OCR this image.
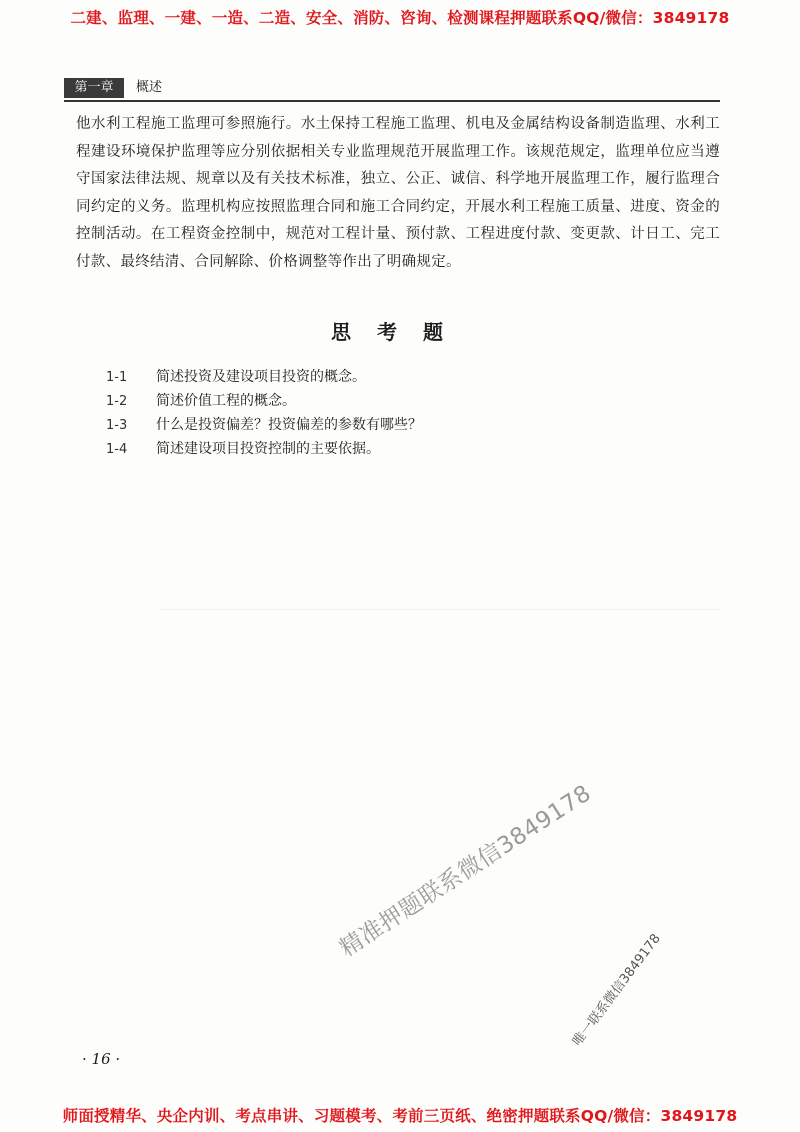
二建、监理、一建、一造、二造、安全、消防、咨询、检测课程押题联系QQ/微信：3849178
第一章	概述

他水利工程施工监理可参照施行。水土保持工程施工监理、机电及金属结构设备制造监理、水利工程建设环境保护监理等应分别依据相关专业监理规范开展监理工作。该规范规定，监理单位应当遵守国家法律法规、规章以及有关技术标准，独立、公正、诚信、科学地开展监理工作，履行监理合同约定的义务。监理机构应按照监理合同和施工合同约定，开展水利工程施工质量、进度、资金的控制活动。在工程资金控制中，规范对工程计量、预付款、工程进度付款、变更款、计日工、完工付款、最终结清、合同解除、价格调整等作出了明确规定。

思考题
1-1 简述投资及建设项目投资的概念。
1-2 简述价值工程的概念。
1-3 什么是投资偏差？投资偏差的参数有哪些？
1-4 简述建设项目投资控制的主要依据。
精准押题联系微信3849178
唯一联系微信3849178
· 16 ·
师面授精华、央企内训、考点串讲、习题模考、考前三页纸、绝密押题联系QQ/微信：3849178
